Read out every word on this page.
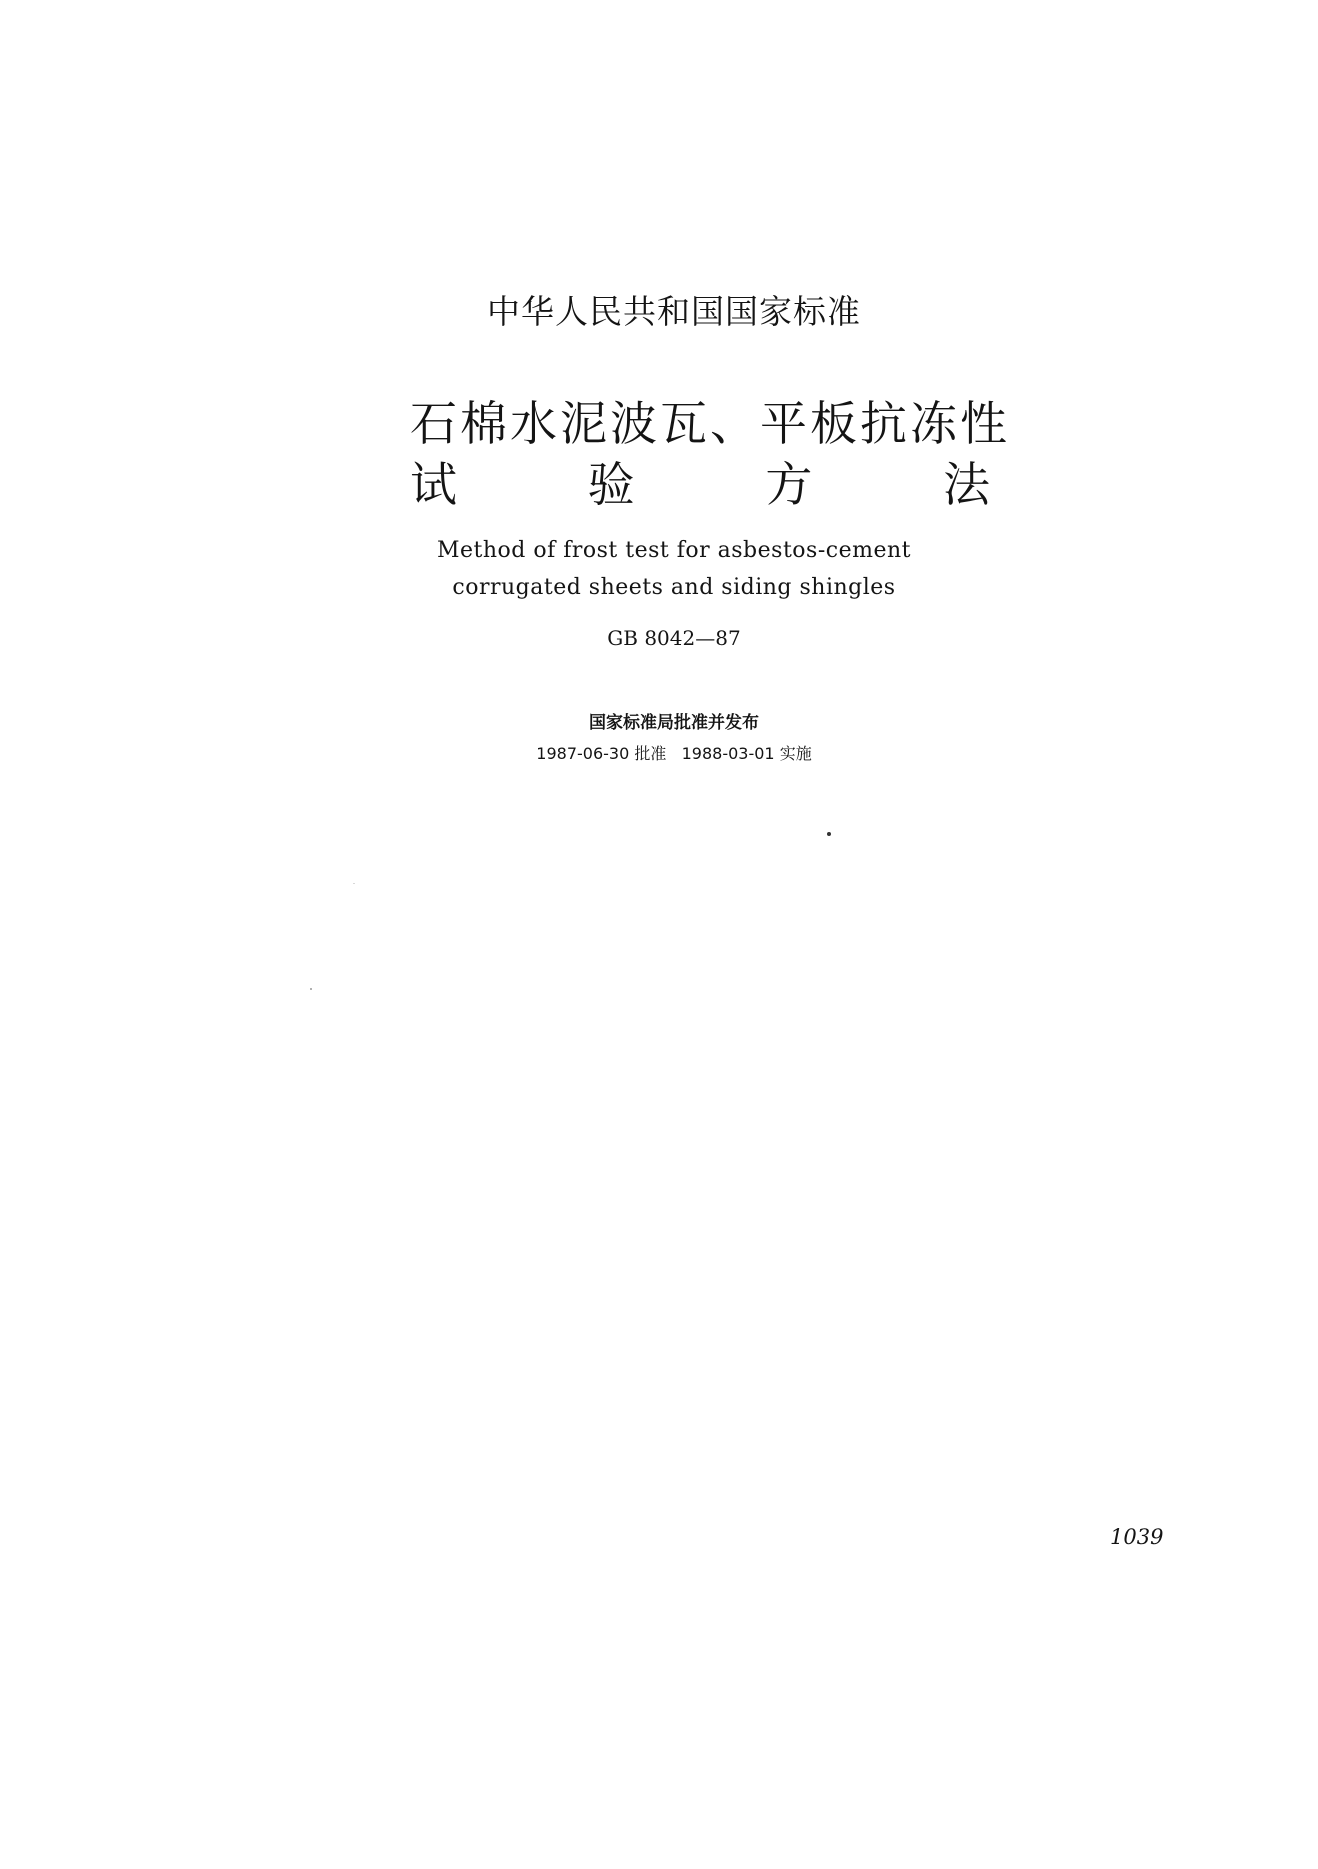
中华人民共和国国家标准
石棉水泥波瓦、平板抗冻性
试	验	方	法
Method of frost test for asbestos-cement
corrugated sheets and siding shingles
GB 8042—87
国家标准局批准并发布
1987-06-30 批准   1988-03-01 实施
1039
